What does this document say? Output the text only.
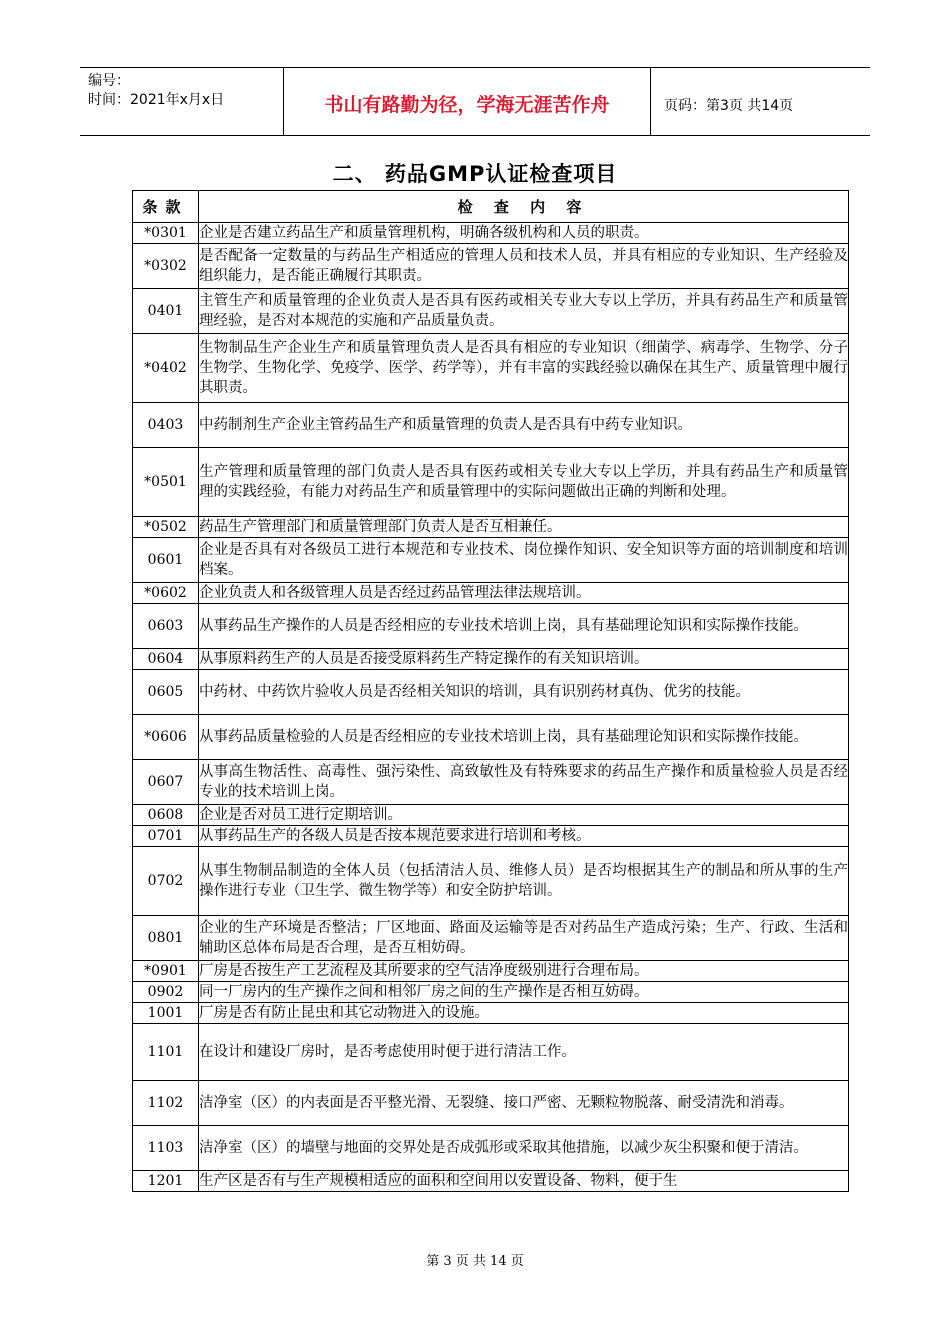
编号：
时间：2021年x月x日	书山有路勤为径，学海无涯苦作舟	页码：第3页 共14页
二、 药品GMP认证检查项目
条款	检 查 内 容
*0301	企业是否建立药品生产和质量管理机构，明确各级机构和人员的职责。
*0302	是否配备一定数量的与药品生产相适应的管理人员和技术人员，并具有相应的专业知识、生产经验及组织能力，是否能正确履行其职责。
0401	主管生产和质量管理的企业负责人是否具有医药或相关专业大专以上学历，并具有药品生产和质量管理经验，是否对本规范的实施和产品质量负责。
*0402	生物制品生产企业生产和质量管理负责人是否具有相应的专业知识（细菌学、病毒学、生物学、分子生物学、生物化学、免疫学、医学、药学等），并有丰富的实践经验以确保在其生产、质量管理中履行其职责。
0403	中药制剂生产企业主管药品生产和质量管理的负责人是否具有中药专业知识。
*0501	生产管理和质量管理的部门负责人是否具有医药或相关专业大专以上学历，并具有药品生产和质量管理的实践经验，有能力对药品生产和质量管理中的实际问题做出正确的判断和处理。
*0502	药品生产管理部门和质量管理部门负责人是否互相兼任。
0601	企业是否具有对各级员工进行本规范和专业技术、岗位操作知识、安全知识等方面的培训制度和培训档案。
*0602	企业负责人和各级管理人员是否经过药品管理法律法规培训。
0603	从事药品生产操作的人员是否经相应的专业技术培训上岗，具有基础理论知识和实际操作技能。
0604	从事原料药生产的人员是否接受原料药生产特定操作的有关知识培训。
0605	中药材、中药饮片验收人员是否经相关知识的培训，具有识别药材真伪、优劣的技能。
*0606	从事药品质量检验的人员是否经相应的专业技术培训上岗，具有基础理论知识和实际操作技能。
0607	从事高生物活性、高毒性、强污染性、高致敏性及有特殊要求的药品生产操作和质量检验人员是否经专业的技术培训上岗。
0608	企业是否对员工进行定期培训。
0701	从事药品生产的各级人员是否按本规范要求进行培训和考核。
0702	从事生物制品制造的全体人员（包括清洁人员、维修人员）是否均根据其生产的制品和所从事的生产操作进行专业（卫生学、微生物学等）和安全防护培训。
0801	企业的生产环境是否整洁；厂区地面、路面及运输等是否对药品生产造成污染；生产、行政、生活和辅助区总体布局是否合理，是否互相妨碍。
*0901	厂房是否按生产工艺流程及其所要求的空气洁净度级别进行合理布局。
0902	同一厂房内的生产操作之间和相邻厂房之间的生产操作是否相互妨碍。
1001	厂房是否有防止昆虫和其它动物进入的设施。
1101	在设计和建设厂房时，是否考虑使用时便于进行清洁工作。
1102	洁净室（区）的内表面是否平整光滑、无裂缝、接口严密、无颗粒物脱落、耐受清洗和消毒。
1103	洁净室（区）的墙壁与地面的交界处是否成弧形或采取其他措施，以减少灰尘积聚和便于清洁。
1201	生产区是否有与生产规模相适应的面积和空间用以安置设备、物料，便于生
第 3 页 共 14 页
